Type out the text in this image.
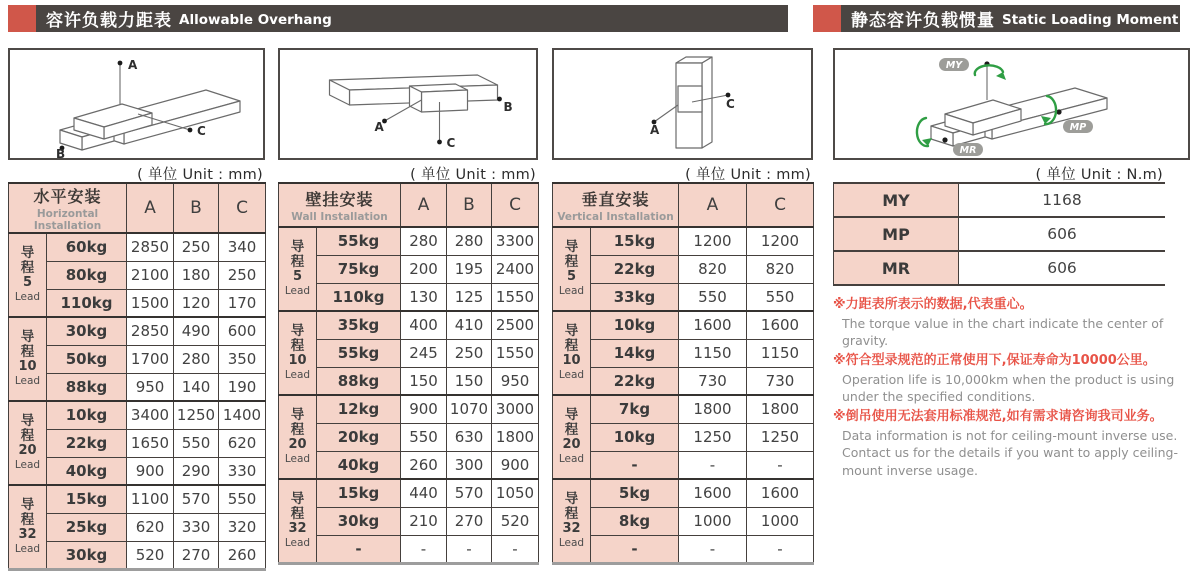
容许负载力距表 Allowable Overhang	静态容许负载惯量 Static Loading Moment
A
B
C
( 单位 Unit : mm)
水平安装
Horizontal Installation		A	B	C

导
程
5
Lead	60kg	2850	250	340
	80kg	2100	180	250
	110kg	1500	120	170

导
程
10
Lead	30kg	2850	490	600
	50kg	1700	280	350
	88kg	950	140	190

导
程
20
Lead	10kg	3400	1250	1400
	22kg	1650	550	620
	40kg	900	290	330

导
程
32
Lead	15kg	1100	570	550
	25kg	620	330	320
	30kg	520	270	260
A
B
C
( 单位 Unit : mm)
壁挂安装
Wall Installation		A	B	C

导
程
5
Lead	55kg	280	280	3300
	75kg	200	195	2400
	110kg	130	125	1550

导
程
10
Lead	35kg	400	410	2500
	55kg	245	250	1550
	88kg	150	150	950

导
程
20
Lead	12kg	900	1070	3000
	20kg	550	630	1800
	40kg	260	300	900

导
程
32
Lead	15kg	440	570	1050
	30kg	210	270	520
	-	-	-	-
A
C
( 单位 Unit : mm)
垂直安装
Vertical Installation		A	C

导
程
5
Lead	15kg	1200	1200
	22kg	820	820
	33kg	550	550

导
程
10
Lead	10kg	1600	1600
	14kg	1150	1150
	22kg	730	730

导
程
20
Lead	7kg	1800	1800
	10kg	1250	1250
	-	-	-

导
程
32
Lead	5kg	1600	1600
	8kg	1000	1000
	-	-	-
MY
MP
MR
( 单位 Unit : N.m)
MY	1168
MP	606
MR	606
※力距表所表示的数据,代表重心。
The torque value in the chart indicate the center of gravity.
※符合型录规范的正常使用下,保证寿命为10000公里。
Operation life is 10,000km when the product is using under the specified conditions.
※倒吊使用无法套用标准规范,如有需求请咨询我司业务。
Data information is not for ceiling-mount inverse use. Contact us for the details if you want to apply ceiling-mount inverse usage.
